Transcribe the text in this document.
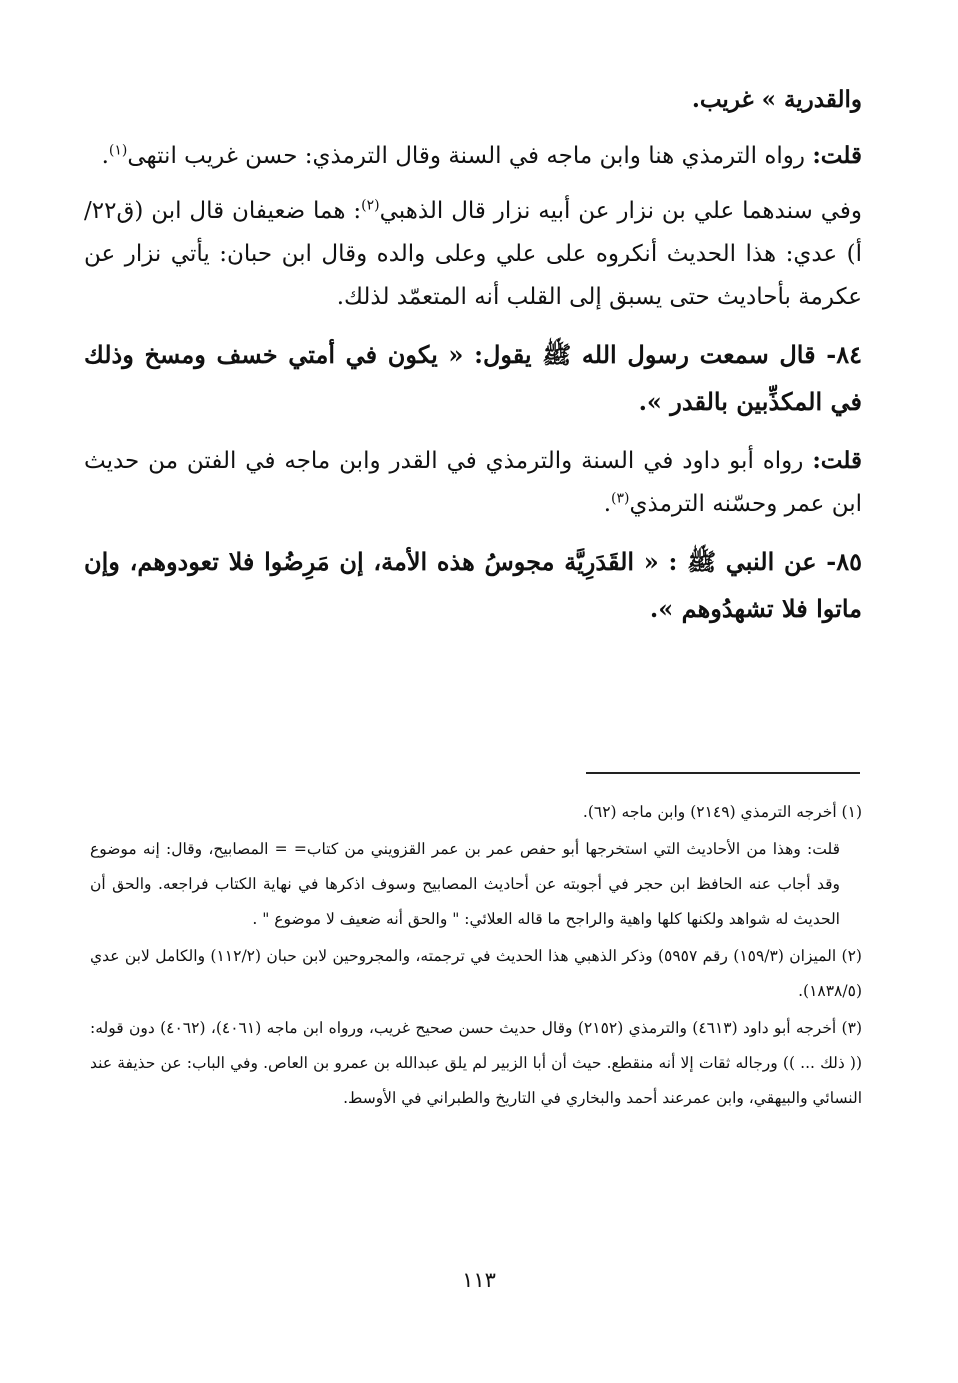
والقدرية » غريب.

قلت: رواه الترمذي هنا وابن ماجه في السنة وقال الترمذي: حسن غريب انتهى$^{(١)}$.

وفي سندهما علي بن نزار عن أبيه نزار قال الذهبي$^{(٢)}$: هما ضعيفان قال ابن (ق٢٢/أ) عدي: هذا الحديث أنكروه على علي وعلى والده وقال ابن حبان: يأتي نزار عن عكرمة بأحاديث حتى يسبق إلى القلب أنه المتعمّد لذلك.

٨٤- قال سمعت رسول الله ﷺ يقول: « يكون في أمتي خسف ومسخ وذلك في المكذِّبين بالقدر ».

قلت: رواه أبو داود في السنة والترمذي في القدر وابن ماجه في الفتن من حديث ابن عمر وحسّنه الترمذي$^{(٣)}$.

٨٥- عن النبي ﷺ : « القَدَرِيَّة مجوسُ هذه الأمة، إن مَرِضُوا فلا تعودوهم، وإن ماتوا فلا تشهدُوهم ».

(١) أخرجه الترمذي (٢١٤٩) وابن ماجه (٦٢).

قلت: وهذا من الأحاديث التي استخرجها أبو حفص عمر بن عمر القزويني من كتاب= = المصابيح، وقال: إنه موضوع وقد أجاب عنه الحافظ ابن حجر في أجوبته عن أحاديث المصابيح وسوف اذكرها في نهاية الكتاب فراجعه. والحق أن الحديث له شواهد ولكنها كلها واهية والراجح ما قاله العلائي: " والحق أنه ضعيف لا موضوع " .

(٢) الميزان (١٥٩/٣) رقم ٥٩٥٧) وذكر الذهبي هذا الحديث في ترجمته، والمجروحين لابن حبان (١١٢/٢) والكامل لابن عدي (١٨٣٨/٥).

(٣) أخرجه أبو داود (٤٦١٣) والترمذي (٢١٥٢) وقال حديث حسن صحيح غريب، ورواه ابن ماجه (٤٠٦١)، (٤٠٦٢) دون قوله: (( ذلك ... )) ورجاله ثقات إلا أنه منقطع. حيث أن أبا الزبير لم يلق عبدالله بن عمرو بن العاص. وفي الباب: عن حذيفة عند النسائي والبيهقي، وابن عمرعند أحمد والبخاري في التاريخ والطبراني في الأوسط.

١١٣
